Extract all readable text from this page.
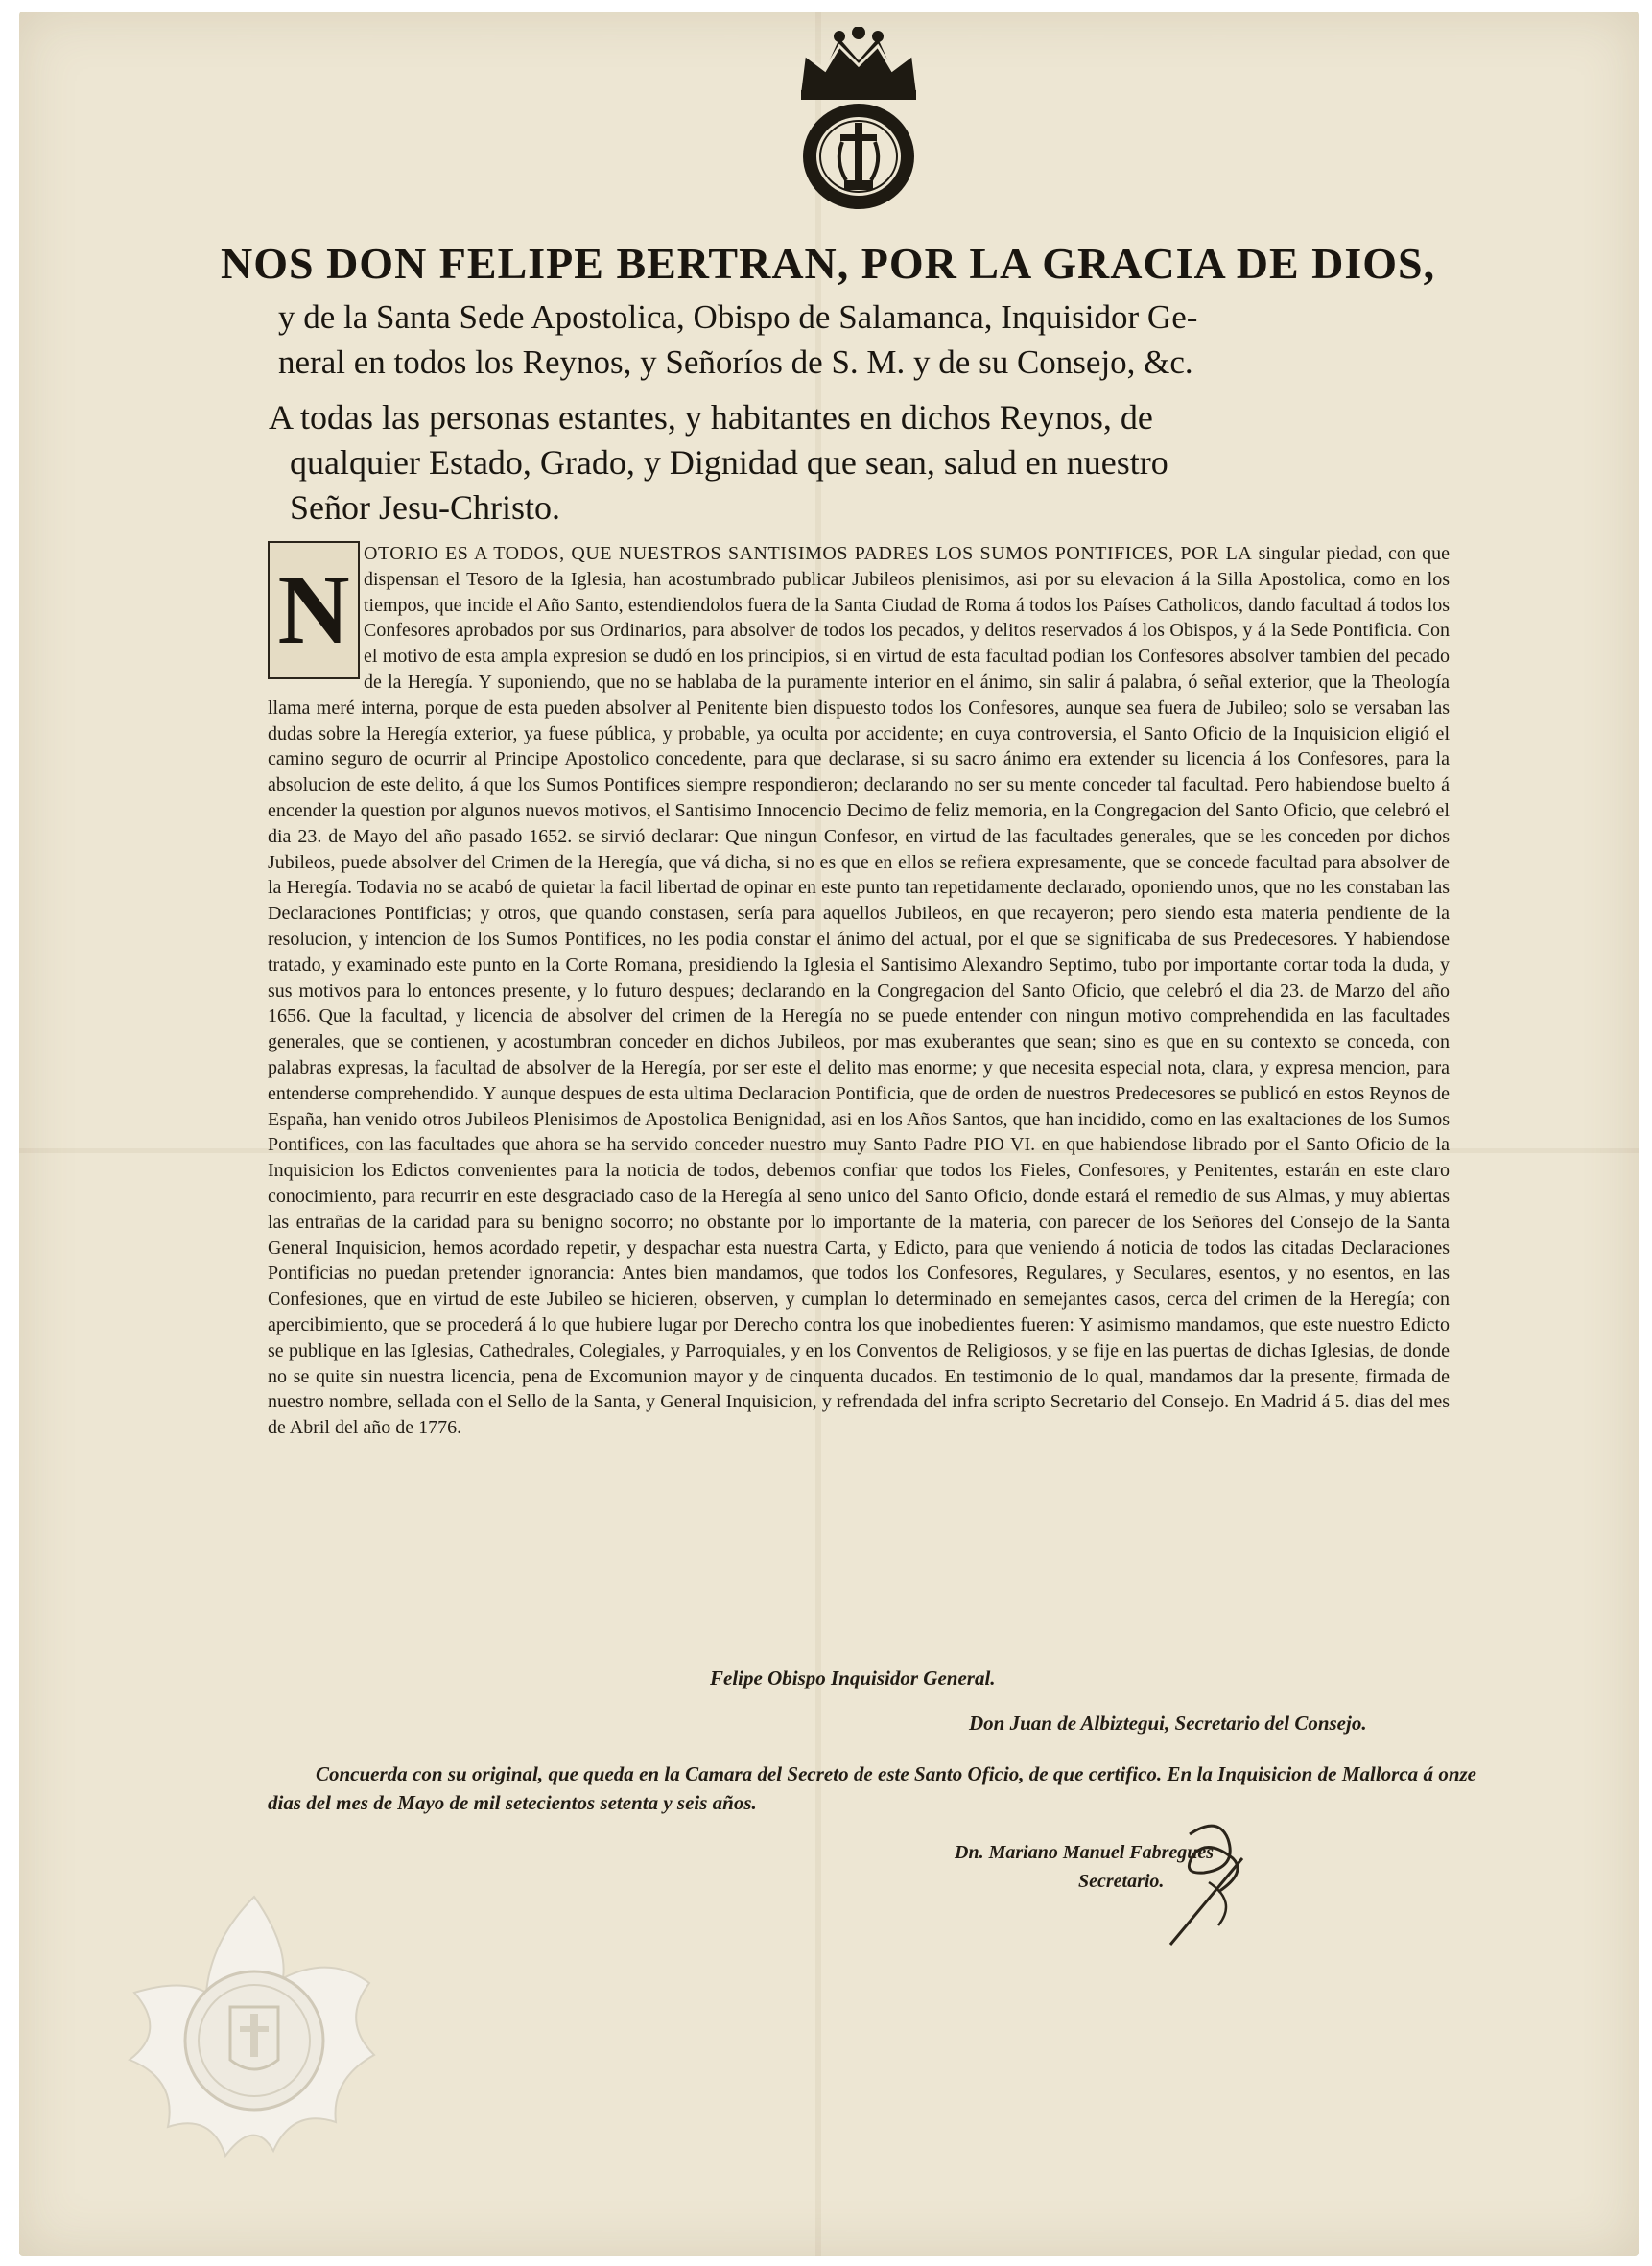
NOS DON FELIPE BERTRAN, POR LA GRACIA DE DIOS,
y de la Santa Sede Apostolica, Obispo de Salamanca, Inquisidor Ge-
neral en todos los Reynos, y Señoríos de S. M. y de su Consejo, &c.
A todas las personas estantes, y habitantes en dichos Reynos, de
qualquier Estado, Grado, y Dignidad que sean, salud en nuestro
Señor Jesu-Christo.
N
OTORIO ES A TODOS, QUE NUESTROS SANTISIMOS PADRES LOS SUMOS PONTIFICES, POR LA singular piedad, con que dispensan el Tesoro de la Iglesia, han acostumbrado publicar Jubileos plenisimos, asi por su elevacion á la Silla Apostolica, como en los tiempos, que incide el Año Santo, estendiendolos fuera de la Santa Ciudad de Roma á todos los Países Catholicos, dando facultad á todos los Confesores aprobados por sus Ordinarios, para absolver de todos los pecados, y delitos reservados á los Obispos, y á la Sede Pontificia. Con el motivo de esta ampla expresion se dudó en los principios, si en virtud de esta facultad podian los Confesores absolver tambien del pecado de la Heregía. Y suponiendo, que no se hablaba de la puramente interior en el ánimo, sin salir á palabra, ó señal exterior, que la Theología llama meré interna, porque de esta pueden absolver al Penitente bien dispuesto todos los Confesores, aunque sea fuera de Jubileo; solo se versaban las dudas sobre la Heregía exterior, ya fuese pública, y probable, ya oculta por accidente; en cuya controversia, el Santo Oficio de la Inquisicion eligió el camino seguro de ocurrir al Principe Apostolico concedente, para que declarase, si su sacro ánimo era extender su licencia á los Confesores, para la absolucion de este delito, á que los Sumos Pontifices siempre respondieron; declarando no ser su mente conceder tal facultad. Pero habiendose buelto á encender la question por algunos nuevos motivos, el Santisimo Innocencio Decimo de feliz memoria, en la Congregacion del Santo Oficio, que celebró el dia 23. de Mayo del año pasado 1652. se sirvió declarar: Que ningun Confesor, en virtud de las facultades generales, que se les conceden por dichos Jubileos, puede absolver del Crimen de la Heregía, que vá dicha, si no es que en ellos se refiera expresamente, que se concede facultad para absolver de la Heregía. Todavia no se acabó de quietar la facil libertad de opinar en este punto tan repetidamente declarado, oponiendo unos, que no les constaban las Declaraciones Pontificias; y otros, que quando constasen, sería para aquellos Jubileos, en que recayeron; pero siendo esta materia pendiente de la resolucion, y intencion de los Sumos Pontifices, no les podia constar el ánimo del actual, por el que se significaba de sus Predecesores. Y habiendose tratado, y examinado este punto en la Corte Romana, presidiendo la Iglesia el Santisimo Alexandro Septimo, tubo por importante cortar toda la duda, y sus motivos para lo entonces presente, y lo futuro despues; declarando en la Congregacion del Santo Oficio, que celebró el dia 23. de Marzo del año 1656. Que la facultad, y licencia de absolver del crimen de la Heregía no se puede entender con ningun motivo comprehendida en las facultades generales, que se contienen, y acostumbran conceder en dichos Jubileos, por mas exuberantes que sean; sino es que en su contexto se conceda, con palabras expresas, la facultad de absolver de la Heregía, por ser este el delito mas enorme; y que necesita especial nota, clara, y expresa mencion, para entenderse comprehendido. Y aunque despues de esta ultima Declaracion Pontificia, que de orden de nuestros Predecesores se publicó en estos Reynos de España, han venido otros Jubileos Plenisimos de Apostolica Benignidad, asi en los Años Santos, que han incidido, como en las exaltaciones de los Sumos Pontifices, con las facultades que ahora se ha servido conceder nuestro muy Santo Padre PIO VI. en que habiendose librado por el Santo Oficio de la Inquisicion los Edictos convenientes para la noticia de todos, debemos confiar que todos los Fieles, Confesores, y Penitentes, estarán en este claro conocimiento, para recurrir en este desgraciado caso de la Heregía al seno unico del Santo Oficio, donde estará el remedio de sus Almas, y muy abiertas las entrañas de la caridad para su benigno socorro; no obstante por lo importante de la materia, con parecer de los Señores del Consejo de la Santa General Inquisicion, hemos acordado repetir, y despachar esta nuestra Carta, y Edicto, para que veniendo á noticia de todos las citadas Declaraciones Pontificias no puedan pretender ignorancia: Antes bien mandamos, que todos los Confesores, Regulares, y Seculares, esentos, y no esentos, en las Confesiones, que en virtud de este Jubileo se hicieren, observen, y cumplan lo determinado en semejantes casos, cerca del crimen de la Heregía; con apercibimiento, que se procederá á lo que hubiere lugar por Derecho contra los que inobedientes fueren: Y asimismo mandamos, que este nuestro Edicto se publique en las Iglesias, Cathedrales, Colegiales, y Parroquiales, y en los Conventos de Religiosos, y se fije en las puertas de dichas Iglesias, de donde no se quite sin nuestra licencia, pena de Excomunion mayor y de cinquenta ducados. En testimonio de lo qual, mandamos dar la presente, firmada de nuestro nombre, sellada con el Sello de la Santa, y General Inquisicion, y refrendada del infra scripto Secretario del Consejo. En Madrid á 5. dias del mes de Abril del año de 1776.
Felipe Obispo Inquisidor General.
Don Juan de Albiztegui, Secretario del Consejo.
Concuerda con su original, que queda en la Camara del Secreto de este Santo Oficio, de que certifico. En la Inquisicion de Mallorca á onze dias del mes de Mayo de mil setecientos setenta y seis años.
Dn. Mariano Manuel Fabregues
Secretario.
